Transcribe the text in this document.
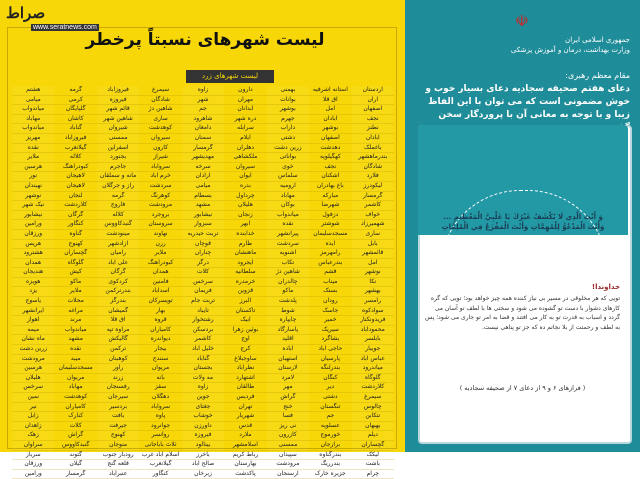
صراط
www.seratnews.com
لیست شهرهای نسبتاً پرخطر
لیست شهرهای زرد
اردستان
آران
اصفهان
نجف
نطنز
آبادان
باغملک
بندرماهشهر
شادگان
فلارد
لیکودرز
گرمسار
کاشمر
خواف
شهمیرزاد
ساری
بابل
قائمشهر
آمل
نوشهر
نکا
بهشهر
رامسر
سوادکوه
فریدونکنار
محمودآباد
بابلسر
جویبار
عباس آباد
میاندرود
گلوگاه
کلاردشت
سیمرغ
چالوس
تنکابن
بهبهان
دیلم
گچساران
لیکک
باشت
چرام
آستانه اشرفیه
آق قلا
آمل
آبادان
بوشهر
اصفهان
دهدشت
کهگیلویه
نجف
اشکنان
باغ بهادران
مبارکه
شهرضا
دزفول
شوشتر
مسجدسلیمان
ایذه
رامهرمز
بندرعباس
قشم
میناب
بستک
رودان
جاسک
خمیر
سیریک
بشاگرد
حاجی آباد
پارسیان
بندرلنگه
کنگان
دیر
دشتی
تنگستان
جم
عسلویه
خورموج
برازجان
بندرگناوه
بندرریگ
جزیره خارک
بهمنی
بوانات
بوشهر
جهرم
داراب
دشتی
زرین دشت
بواناتی
خوی
سلماس
ارومیه
مهاباد
بوکان
میاندوآب
نقده
پیرانشهر
سردشت
اشنویه
تکاب
شاهین دژ
چالدران
ماکو
پلدشت
شوط
چایپاره
پاسارگاد
اقلید
آباده
استهبان
لارستان
لامرد
مهر
گراش
خنج
فسا
نی ریز
کازرون
ممسنی
سپیدان
مرودشت
ارسنجان
دارون
مهران
ابدانان
دره شهر
سرابله
ایلام
دهلران
ملکشاهی
سیروان
ایوان
بدره
چرداول
هلیلان
زنجان
ابهر
خدابنده
طارم
ماهنشان
ایجرود
سلطانیه
خرمدره
قزوین
البرز
تاکستان
آبیک
بوئین زهرا
آوج
کرج
ساوجبلاغ
نظرآباد
اشتهارد
طالقان
فردیس
تهران
شهریار
قدس
ملارد
اسلامشهر
رباط کریم
بهارستان
پاکدشت
زاوه
شهر
جم
شاهرود
دامغان
سمنان
گرمسار
مهدیشهر
سرخه
آرادان
میامی
بسطام
مشهد
نیشابور
سبزوار
تربت حیدریه
قوچان
چناران
درگز
کلات
سرخس
فریمان
تربت جام
تایباد
رشتخوار
بردسکن
کاشمر
خلیل آباد
گناباد
بجستان
مه ولات
زاوه
جوین
جغتای
خوشاب
داورزن
فیروزه
بینالود
باخرز
صالح آباد
زبرخان
سیمرغ
شادگان
شاهین دژ
ساری
کوهدشت
سیروان
کارون
شیراز
سروآباد
خرم آباد
سردشت
کوهرنگ
مرودشت
بروجرد
سروستان
نهاوند
رزن
ملایر
کبودرآهنگ
همدان
فامنین
اسدآباد
تویسرکان
بهار
قروه
کامیاران
دیواندره
بیجار
سنندج
مریوان
بانه
سقز
دهگلان
سروآباد
پاوه
جوانرود
روانسر
ثلاث باباجانی
اسلام آباد غرب
گیلانغرب
کنگاور
فیروزآباد
فیروزه
قائم شهر
شاهین شهر
شیروان
ممسنی
اسفراین
بجنورد
جاجرم
مانه و سملقان
راز و جرگلان
گرمه
فاروج
کلاله
گنبدکاووس
مینودشت
آزادشهر
رامیان
علی آباد
گرگان
کردکوی
بندرترکمن
بندرگز
گمیشان
آق قلا
مراوه تپه
گالیکش
ترکمن
کوهبنان
راور
زرند
رفسنجان
سیرجان
بردسیر
بافت
جیرفت
کهنوج
منوجان
رودبار جنوب
قلعه گنج
عنبرآباد
گرمه
کرمی
گلپایگان
کاشان
گناباد
فیروزآباد
گیلانغرب
کلاله
کبودرآهنگ
لاهیجان
لاهیجان
لنجان
کلاردشت
گرگان
کنگاور
گناوه
کهنوج
گچساران
گلوگاه
کیش
ماکو
ملایر
محلات
مراغه
مرند
میاندوآب
مشهد
نقده
میبد
مسجدسلیمان
مریوان
مهاباد
کوهدشت
کامیاران
کنارک
کلات
گراش
گنبدکاووس
گتوند
گیلان
گرمسار
هشتم
میامی
میاندواب
مهاباد
میاندوآب
مهریز
نقده
ملایر
هرسین
نور
نهبندان
نوشهر
نیک شهر
نیشابور
ورامین
ورزقان
هریس
هشترود
همدان
هندیجان
هویزه
یزد
یاسوج
ایرانشهر
اهواز
میمه
ماه نشان
زرین دشت
مرودشت
هرسین
هلیلان
سرخس
نمین
نیر
زابل
زاهدان
زهک
سراوان
سرباز
ورزقان
ورامین
☫
جمهوری اسلامی ایران
وزارت بهداشت، درمان و آموزش پزشکی
مقام معظم رهبری:
دعای هفتم صحیفه سجادیه دعای بسیار خوب و خوش مضمونی است که می توان با این الفاظ زیبا و با توجه به معانی آن با پروردگار سخن
وَ أَنْتَ الَّذِي لَا يُكْشَفُ غَيْرُكَ يَا غَلْبِيَّ الْمَعْظِيمِ ... وَأَنْتَ الْمَدْعُوُّ لِلْمُهِمَّاتِ وَأَنْتَ الْمَفْزَعُ فِي الْمُلِمَّاتِ
خداوندا!
تویی که هر مخلوقی در مسیر بی نیاز کننده همه چیز خواهد بود؛ تویی که گره کارهای دشوار با دست تو گشوده می شود و سختی ها با لطف تو آسان می گردد و اسباب به قدرت تو به کار می افتند و قضا به امر تو جاری می شود؛ پس به لطف و رحمتت از بلا نجاتم ده که جز تو پناهی نیست.
( فرازهای ۶ و ۹ از دعای ۷ از صحیفه سجادیه )
مرکز روابط عمومی و اطلاع رسانی
